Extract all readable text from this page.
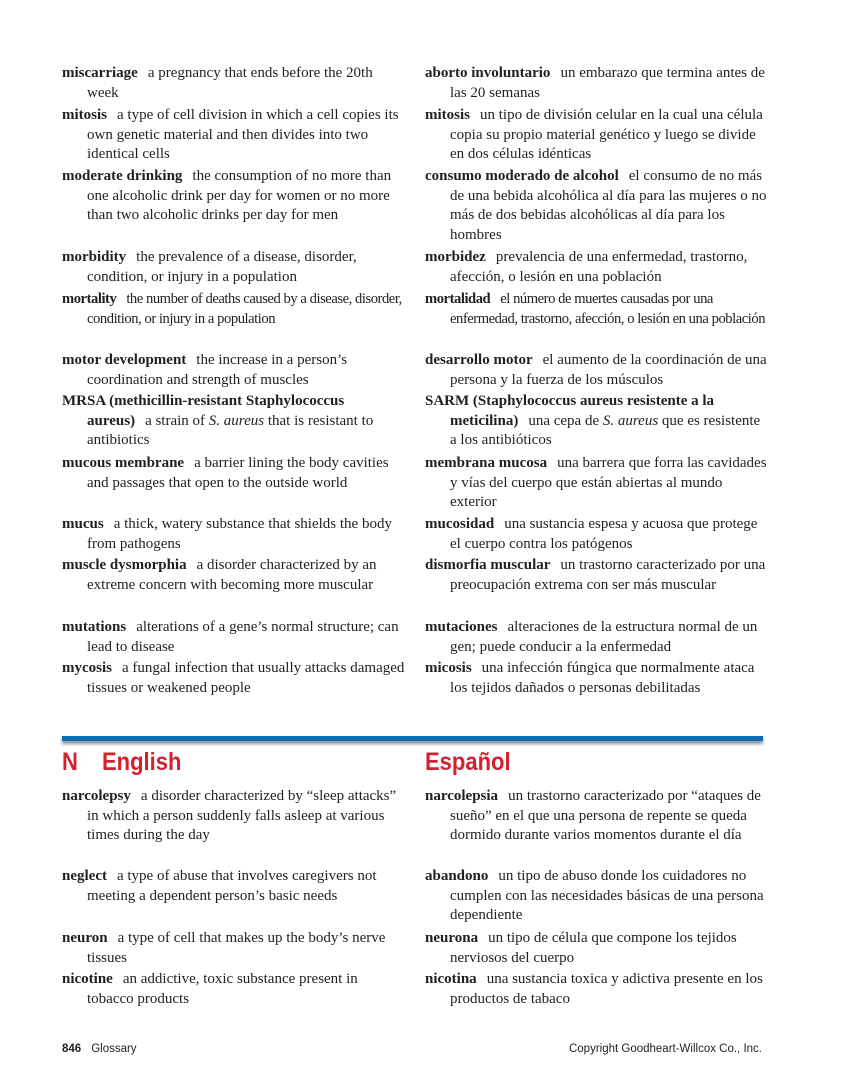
miscarriage a pregnancy that ends before the 20th week
mitosis a type of cell division in which a cell copies its own genetic material and then divides into two identical cells
moderate drinking the consumption of no more than one alcoholic drink per day for women or no more than two alcoholic drinks per day for men
morbidity the prevalence of a disease, disorder, condition, or injury in a population
mortality the number of deaths caused by a disease, disorder, condition, or injury in a population
motor development the increase in a person’s coordination and strength of muscles
MRSA (methicillin-resistant Staphylococcus aureus) a strain of S. aureus that is resistant to antibiotics
mucous membrane a barrier lining the body cavities and passages that open to the outside world
mucus a thick, watery substance that shields the body from pathogens
muscle dysmorphia a disorder characterized by an extreme concern with becoming more muscular
mutations alterations of a gene’s normal structure; can lead to disease
mycosis a fungal infection that usually attacks damaged tissues or weakened people
aborto involuntario un embarazo que termina antes de las 20 semanas
mitosis un tipo de división celular en la cual una célula copia su propio material genético y luego se divide en dos células idénticas
consumo moderado de alcohol el consumo de no más de una bebida alcohólica al día para las mujeres o no más de dos bebidas alcohólicas al día para los hombres
morbidez prevalencia de una enfermedad, trastorno, afección, o lesión en una población
mortalidad el número de muertes causadas por una enfermedad, trastorno, afección, o lesión en una población
desarrollo motor el aumento de la coordinación de una persona y la fuerza de los músculos
SARM (Staphylococcus aureus resistente a la meticilina) una cepa de S. aureus que es resistente a los antibióticos
membrana mucosa una barrera que forra las cavidades y vías del cuerpo que están abiertas al mundo exterior
mucosidad una sustancia espesa y acuosa que protege el cuerpo contra los patógenos
dismorfia muscular un trastorno caracterizado por una preocupación extrema con ser más muscular
mutaciones alteraciones de la estructura normal de un gen; puede conducir a la enfermedad
micosis una infección fúngica que normalmente ataca los tejidos dañados o personas debilitadas
narcolepsy a disorder characterized by “sleep attacks” in which a person suddenly falls asleep at various times during the day
neglect a type of abuse that involves caregivers not meeting a dependent person’s basic needs
neuron a type of cell that makes up the body’s nerve tissues
nicotine an addictive, toxic substance present in tobacco products
narcolepsia un trastorno caracterizado por “ataques de sueño” en el que una persona de repente se queda dormido durante varios momentos durante el día
abandono un tipo de abuso donde los cuidadores no cumplen con las necesidades básicas de una persona dependiente
neurona un tipo de célula que compone los tejidos nerviosos del cuerpo
nicotina una sustancia toxica y adictiva presente en los productos de tabaco
N English	Español
846 Glossary	Copyright Goodheart-Willcox Co., Inc.
